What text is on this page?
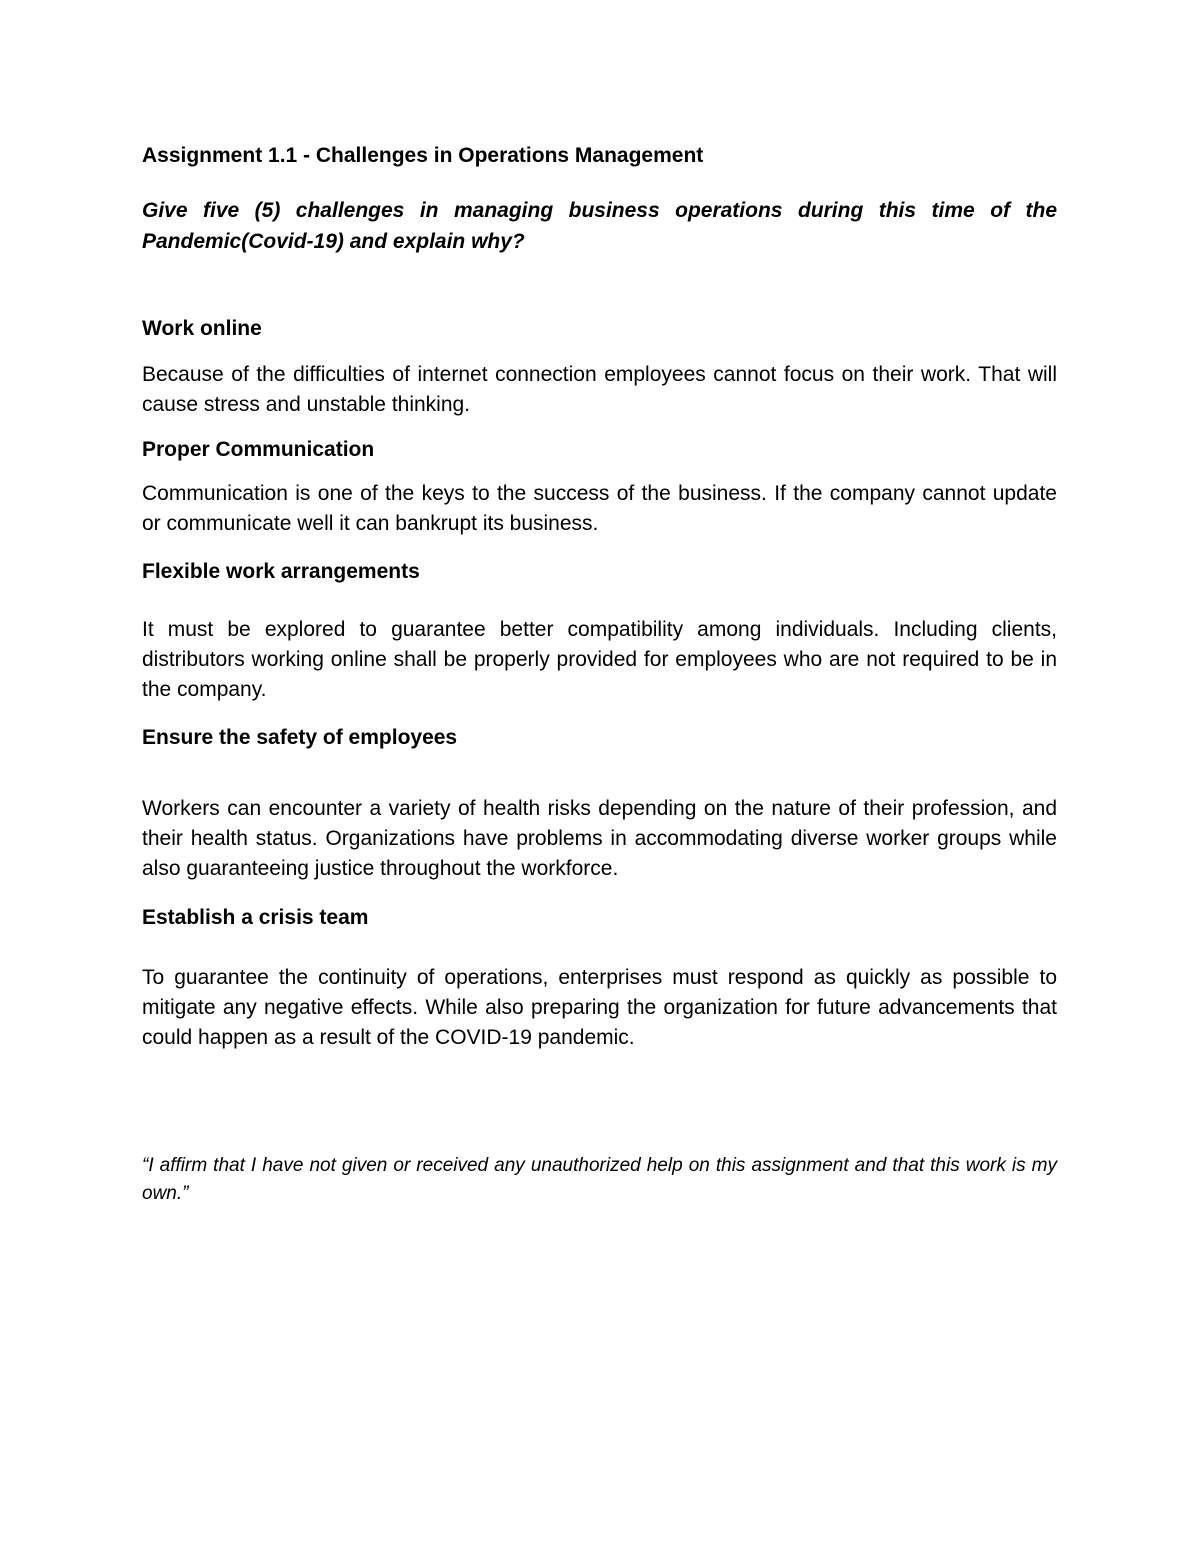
Assignment 1.1 - Challenges in Operations Management

Give five (5) challenges in managing business operations during this time of the Pandemic(Covid-19) and explain why?

Work online

Because of the difficulties of internet connection employees cannot focus on their work. That will cause stress and unstable thinking.

Proper Communication

Communication is one of the keys to the success of the business. If the company cannot update or communicate well it can bankrupt its business.

Flexible work arrangements

It must be explored to guarantee better compatibility among individuals. Including clients, distributors working online shall be properly provided for employees who are not required to be in the company.

Ensure the safety of employees

Workers can encounter a variety of health risks depending on the nature of their profession, and their health status. Organizations have problems in accommodating diverse worker groups while also guaranteeing justice throughout the workforce.

Establish a crisis team

To guarantee the continuity of operations, enterprises must respond as quickly as possible to mitigate any negative effects. While also preparing the organization for future advancements that could happen as a result of the COVID-19 pandemic.

“I affirm that I have not given or received any unauthorized help on this assignment and that this work is my own.”
